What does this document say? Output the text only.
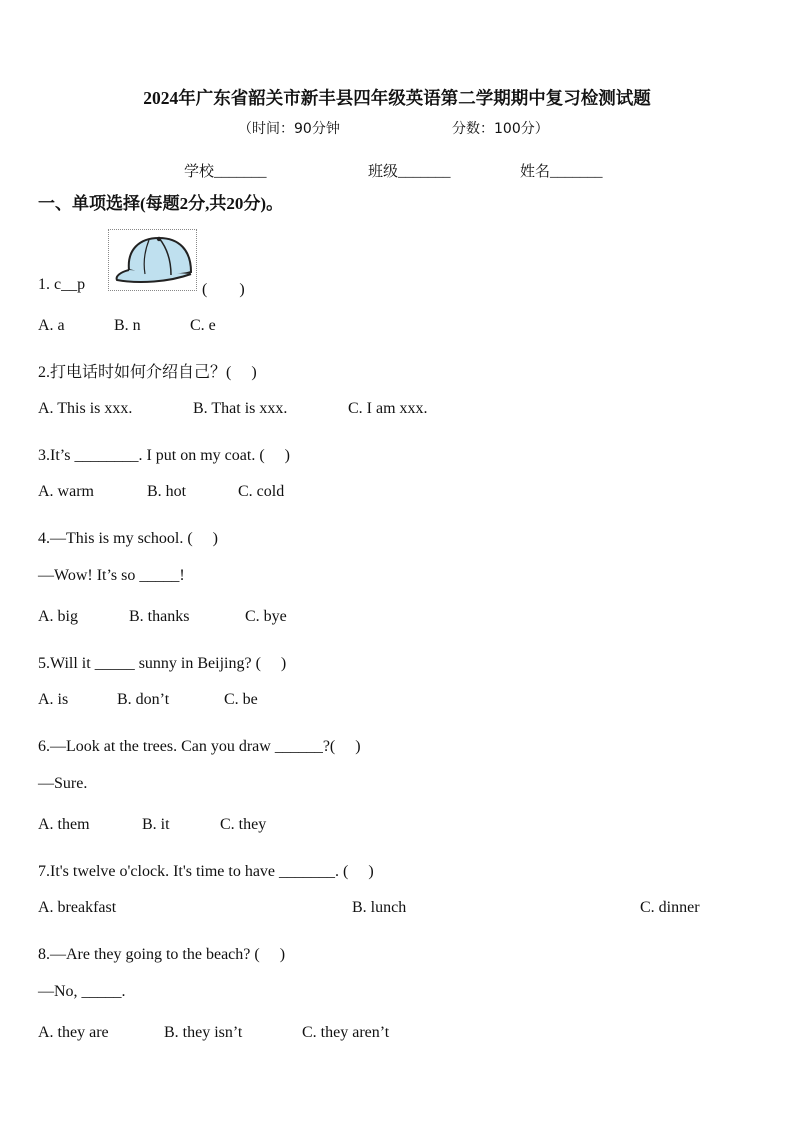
2024年广东省韶关市新丰县四年级英语第二学期期中复习检测试题
（时间：90分钟	分数：100分）
学校_______	班级_______	姓名_______
一、单项选择(每题2分,共20分)。
1. c__p	(　　)
A. a	B. n	C. e
2.打电话时如何介绍自己？(　 )
A. This is xxx.	B. That is xxx.	C. I am xxx.
3.It’s ________. I put on my coat. (　 )
A. warm	B. hot	C. cold
4.—This is my school. (　 )
—Wow! It’s so _____!
A. big	B. thanks	C. bye
5.Will it _____ sunny in Beijing? (　 )
A. is	B. don’t	C. be
6.—Look at the trees. Can you draw ______?(　 )
—Sure.
A. them	B. it	C. they
7.It's twelve o'clock. It's time to have _______. (　 )
A. breakfast	B. lunch	C. dinner
8.—Are they going to the beach? (　 )
—No, _____.
A. they are	B. they isn’t	C. they aren’t
